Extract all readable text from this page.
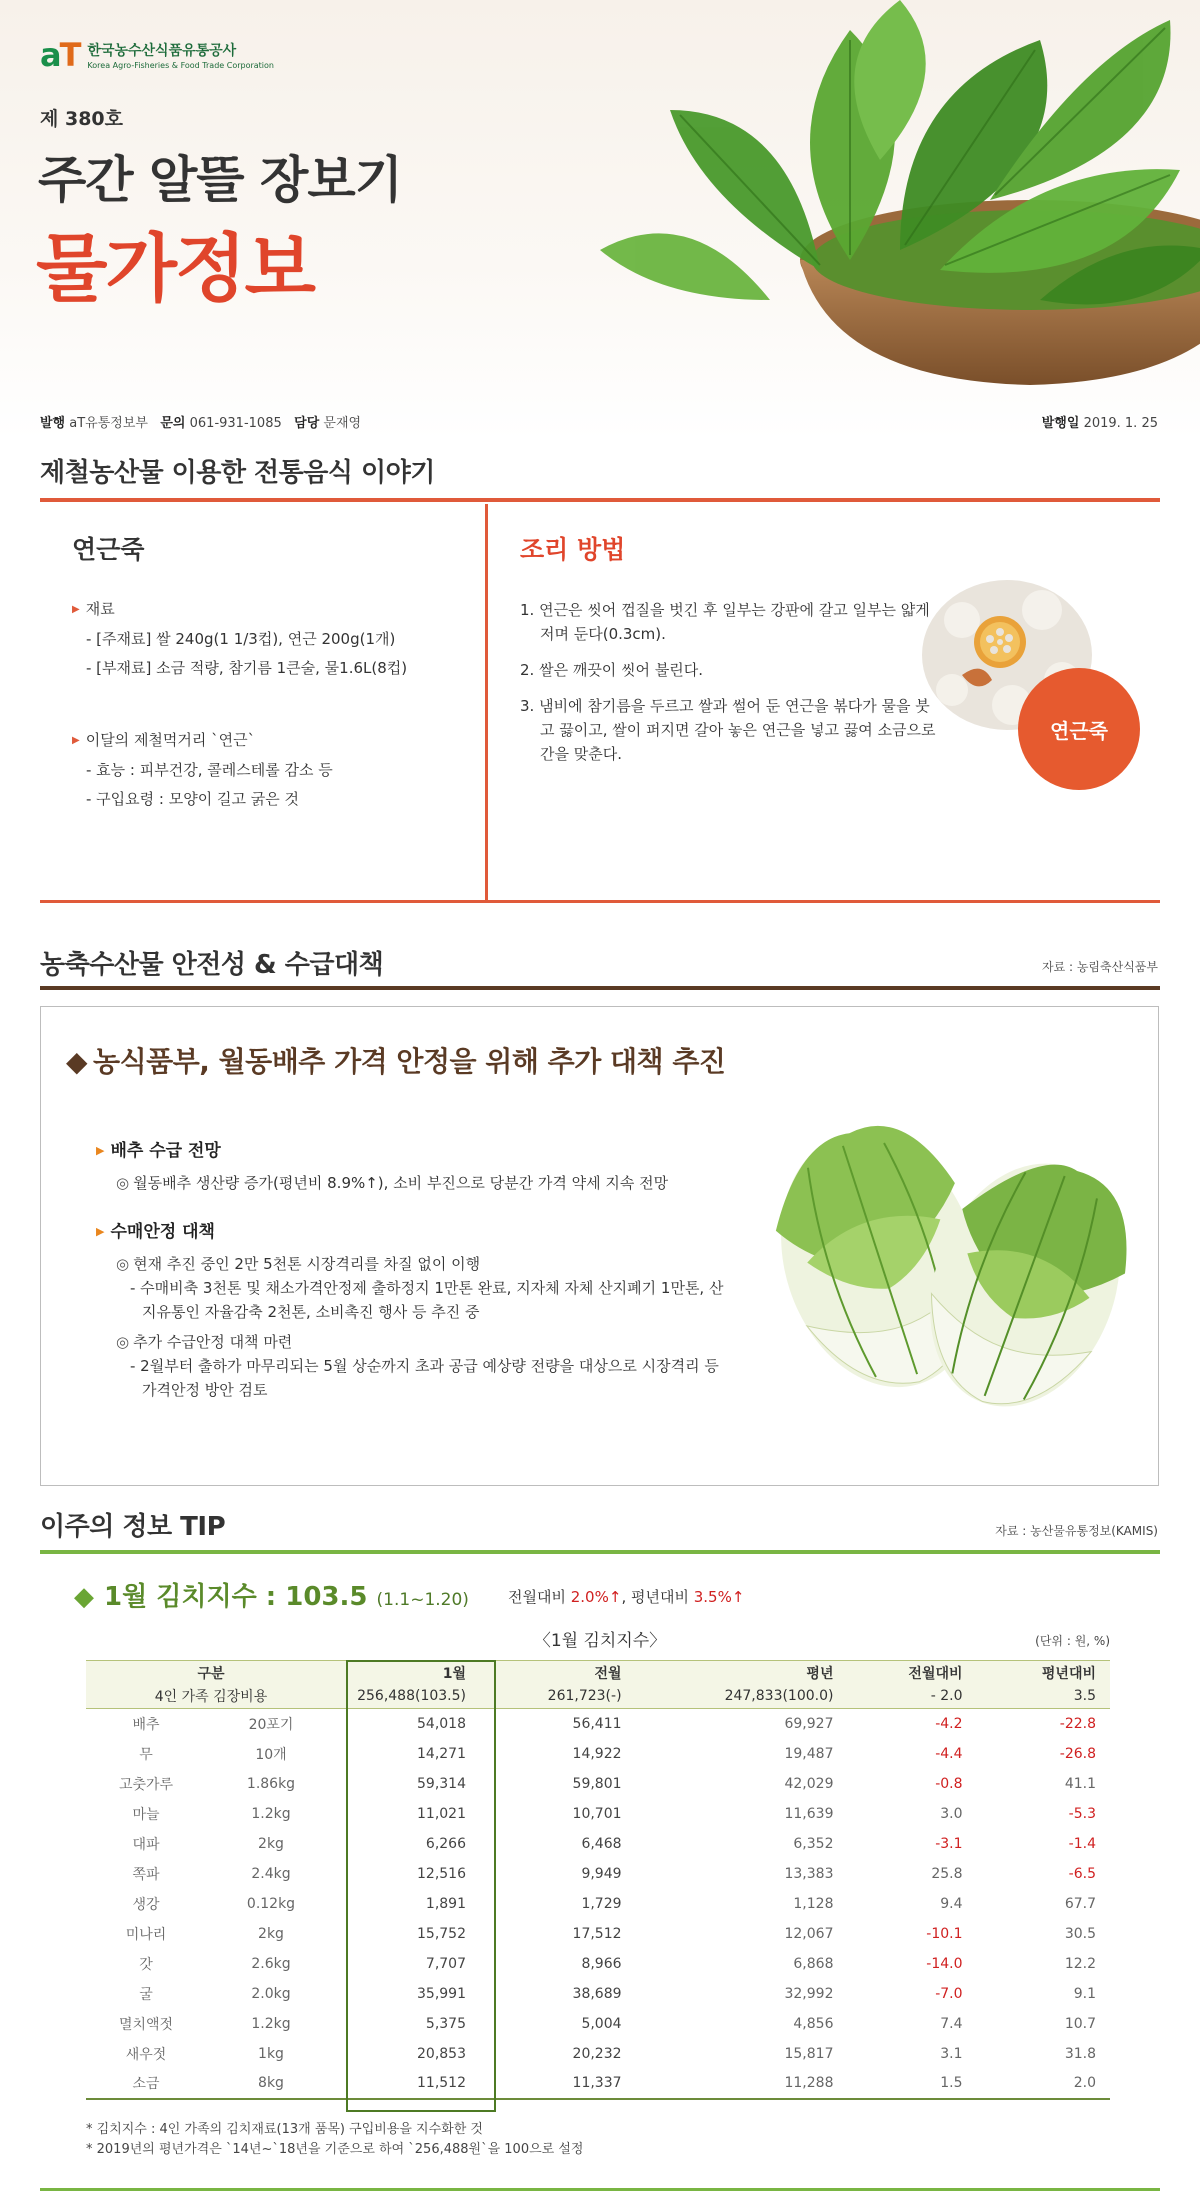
aT 한국농수산식품유통공사
Korea Agro-Fisheries & Food Trade Corporation
제 380호
주간 알뜰 장보기
물가정보
발행 aT유통정보부 문의 061-931-1085 담당 문재영	발행일 2019. 1. 25
제철농산물 이용한 전통음식 이야기
연근죽
▶ 재료
- [주재료] 쌀 240g(1 1/3컵), 연근 200g(1개)
- [부재료] 소금 적량, 참기름 1큰술, 물1.6L(8컵)
▶ 이달의 제철먹거리 `연근`
- 효능 : 피부건강, 콜레스테롤 감소 등
- 구입요령 : 모양이 길고 굵은 것
조리 방법
1. 연근은 씻어 껍질을 벗긴 후 일부는 강판에 갈고 일부는 얇게 저며 둔다(0.3cm).
2. 쌀은 깨끗이 씻어 불린다.
3. 냄비에 참기름을 두르고 쌀과 썰어 둔 연근을 볶다가 물을 붓고 끓이고, 쌀이 퍼지면 갈아 놓은 연근을 넣고 끓여 소금으로 간을 맞춘다.
연근죽
농축수산물 안전성 & 수급대책	자료 : 농림축산식품부
◆ 농식품부, 월동배추 가격 안정을 위해 추가 대책 추진
▶ 배추 수급 전망
◎ 월동배추 생산량 증가(평년비 8.9%↑), 소비 부진으로 당분간 가격 약세 지속 전망
▶ 수매안정 대책
◎ 현재 추진 중인 2만 5천톤 시장격리를 차질 없이 이행
- 수매비축 3천톤 및 채소가격안정제 출하정지 1만톤 완료, 지자체 자체 산지폐기 1만톤, 산지유통인 자율감축 2천톤, 소비촉진 행사 등 추진 중
◎ 추가 수급안정 대책 마련
- 2월부터 출하가 마무리되는 5월 상순까지 초과 공급 예상량 전량을 대상으로 시장격리 등 가격안정 방안 검토
이주의 정보 TIP	자료 : 농산물유통정보(KAMIS)
◆ 1월 김치지수 : 103.5 (1.1~1.20)	전월대비 2.0%↑, 평년대비 3.5%↑
〈1월 김치지수〉	(단위 : 원, %)
구분		1월	전월	평년	전월대비	평년대비
4인 가족 김장비용		256,488(103.5)	261,723(-)	247,833(100.0)	- 2.0	3.5
배추	20포기	54,018	56,411	69,927	-4.2	-22.8
무	10개	14,271	14,922	19,487	-4.4	-26.8
고춧가루	1.86kg	59,314	59,801	42,029	-0.8	41.1
마늘	1.2kg	11,021	10,701	11,639	3.0	-5.3
대파	2kg	6,266	6,468	6,352	-3.1	-1.4
쪽파	2.4kg	12,516	9,949	13,383	25.8	-6.5
생강	0.12kg	1,891	1,729	1,128	9.4	67.7
미나리	2kg	15,752	17,512	12,067	-10.1	30.5
갓	2.6kg	7,707	8,966	6,868	-14.0	12.2
굴	2.0kg	35,991	38,689	32,992	-7.0	9.1
멸치액젓	1.2kg	5,375	5,004	4,856	7.4	10.7
새우젓	1kg	20,853	20,232	15,817	3.1	31.8
소금	8kg	11,512	11,337	11,288	1.5	2.0
* 김치지수 : 4인 가족의 김치재료(13개 품목) 구입비용을 지수화한 것
* 2019년의 평년가격은 `14년~`18년을 기준으로 하여 `256,488원`을 100으로 설정
